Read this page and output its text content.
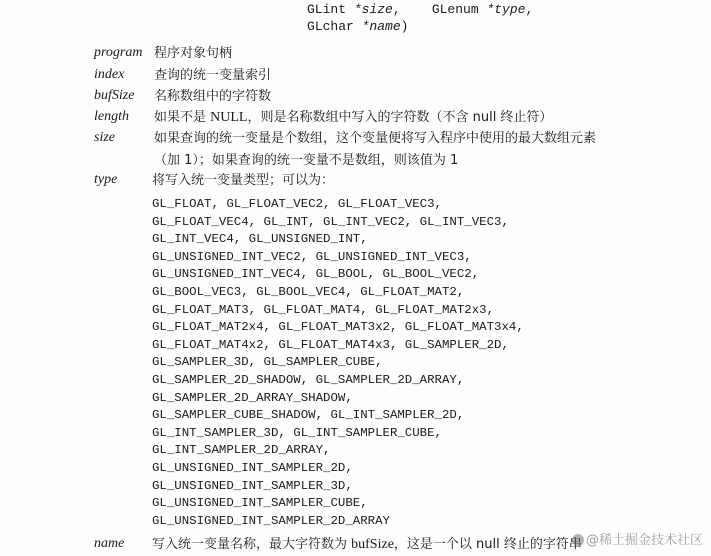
GLint *size,    GLenum *type,
GLchar *name)
program 程序对象句柄
index 查询的统一变量索引
bufSize 名称数组中的字符数
length 如果不是 NULL，则是名称数组中写入的字符数（不含 null 终止符）
size	如果查询的统一变量是个数组，这个变量便将写入程序中使用的最大数组元素
（加 1）；如果查询的统一变量不是数组，则该值为 1
type	将写入统一变量类型；可以为：
GL_FLOAT, GL_FLOAT_VEC2, GL_FLOAT_VEC3,
GL_FLOAT_VEC4, GL_INT, GL_INT_VEC2, GL_INT_VEC3,
GL_INT_VEC4, GL_UNSIGNED_INT,
GL_UNSIGNED_INT_VEC2, GL_UNSIGNED_INT_VEC3,
GL_UNSIGNED_INT_VEC4, GL_BOOL, GL_BOOL_VEC2,
GL_BOOL_VEC3, GL_BOOL_VEC4, GL_FLOAT_MAT2,
GL_FLOAT_MAT3, GL_FLOAT_MAT4, GL_FLOAT_MAT2x3,
GL_FLOAT_MAT2x4, GL_FLOAT_MAT3x2, GL_FLOAT_MAT3x4,
GL_FLOAT_MAT4x2, GL_FLOAT_MAT4x3, GL_SAMPLER_2D,
GL_SAMPLER_3D, GL_SAMPLER_CUBE,
GL_SAMPLER_2D_SHADOW, GL_SAMPLER_2D_ARRAY,
GL_SAMPLER_2D_ARRAY_SHADOW,
GL_SAMPLER_CUBE_SHADOW, GL_INT_SAMPLER_2D,
GL_INT_SAMPLER_3D, GL_INT_SAMPLER_CUBE,
GL_INT_SAMPLER_2D_ARRAY,
GL_UNSIGNED_INT_SAMPLER_2D,
GL_UNSIGNED_INT_SAMPLER_3D,
GL_UNSIGNED_INT_SAMPLER_CUBE,
GL_UNSIGNED_INT_SAMPLER_2D_ARRAY
name 写入统一变量名称，最大字符数为 bufSize，这是一个以 null 终止的字符串 @稀土掘金技术社区
